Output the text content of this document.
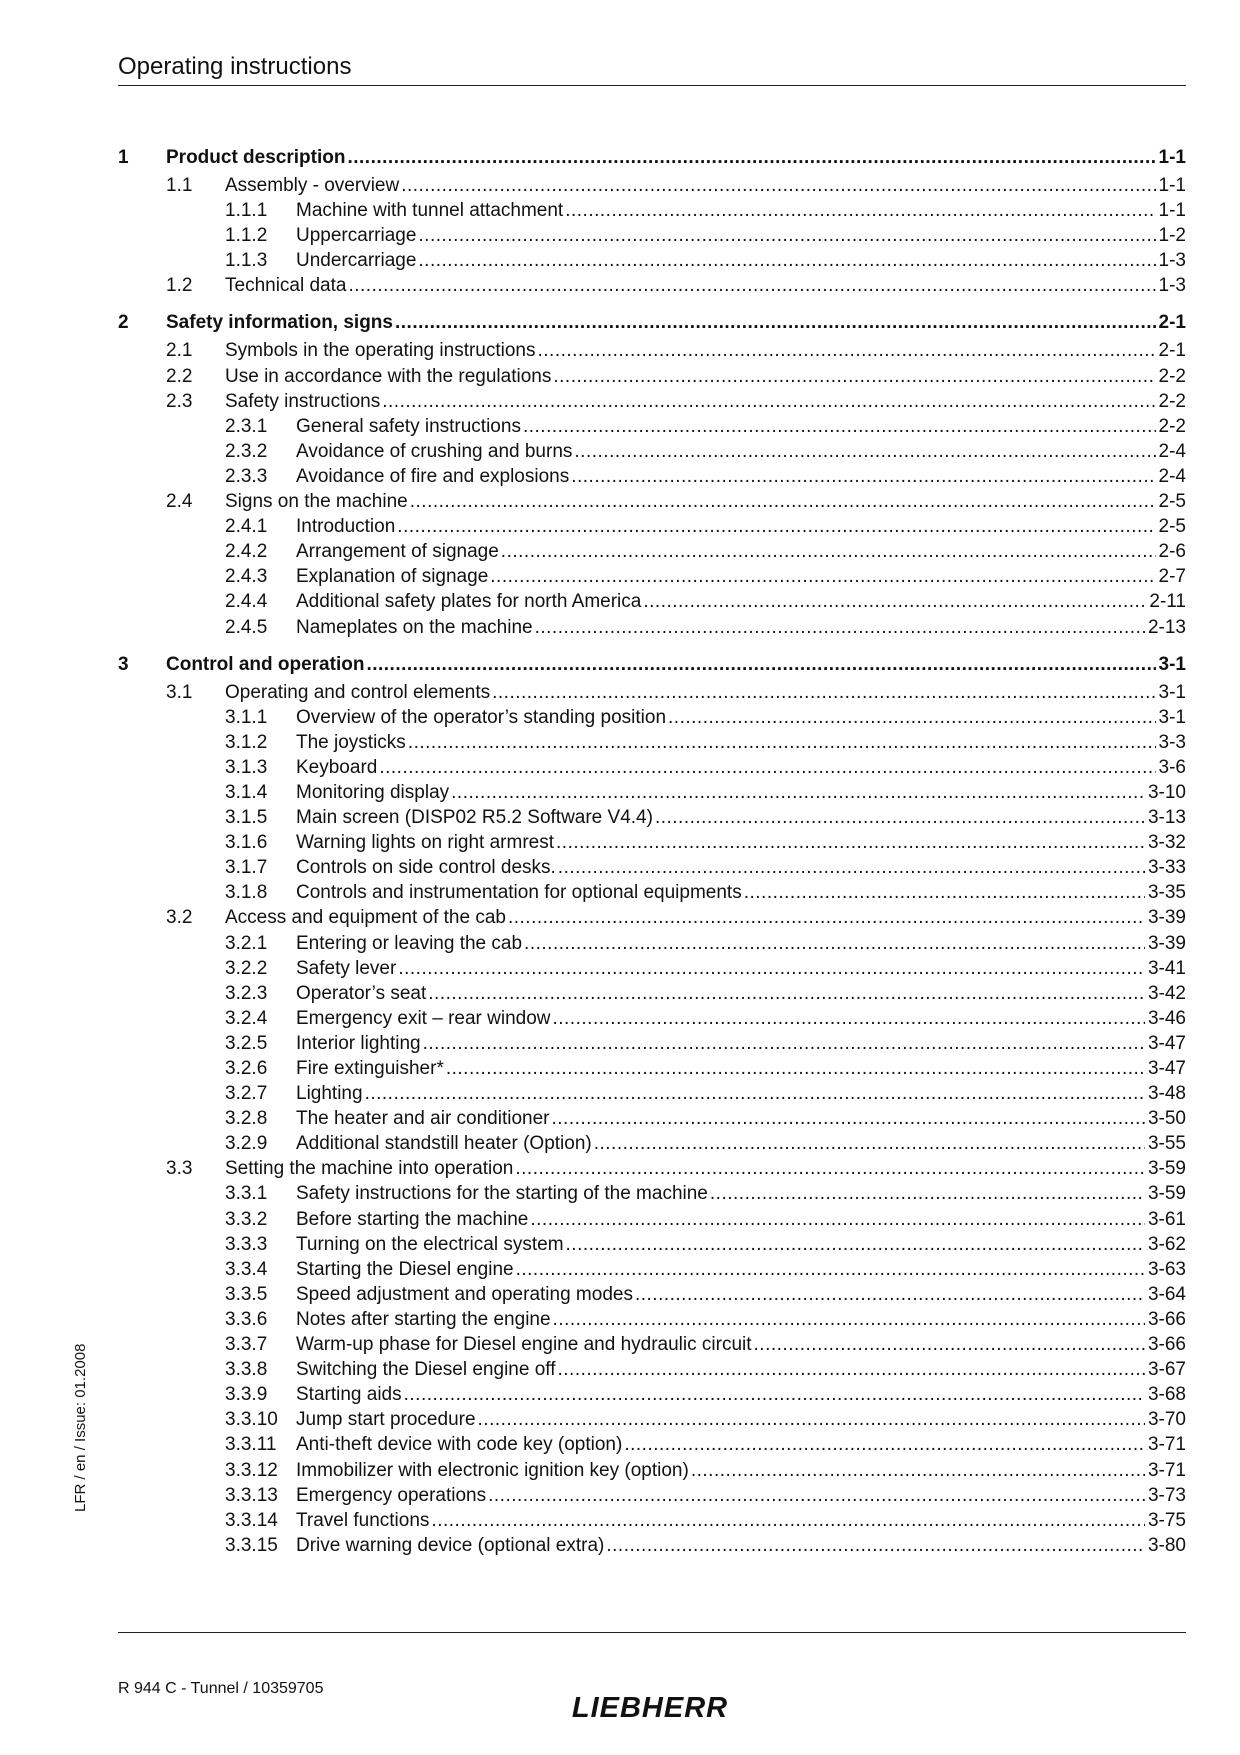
Operating instructions
1 Product description .....	1-1
1.1 Assembly - overview .....	1-1
1.1.1 Machine with tunnel attachment .....	1-1
1.1.2 Uppercarriage .....	1-2
1.1.3 Undercarriage .....	1-3
1.2 Technical data .....	1-3
2 Safety information, signs .....	2-1
2.1 Symbols in the operating instructions .....	2-1
2.2 Use in accordance with the regulations .....	2-2
2.3 Safety instructions .....	2-2
2.3.1 General safety instructions .....	2-2
2.3.2 Avoidance of crushing and burns .....	2-4
2.3.3 Avoidance of fire and explosions .....	2-4
2.4 Signs on the machine .....	2-5
2.4.1 Introduction .....	2-5
2.4.2 Arrangement of signage .....	2-6
2.4.3 Explanation of signage .....	2-7
2.4.4 Additional safety plates for north America .....	2-11
2.4.5 Nameplates on the machine .....	2-13
3 Control and operation .....	3-1
3.1 Operating and control elements .....	3-1
3.1.1 Overview of the operator’s standing position .....	3-1
3.1.2 The joysticks .....	3-3
3.1.3 Keyboard .....	3-6
3.1.4 Monitoring display .....	3-10
3.1.5 Main screen (DISP02 R5.2 Software V4.4) .....	3-13
3.1.6 Warning lights on right armrest .....	3-32
3.1.7 Controls on side control desks. .....	3-33
3.1.8 Controls and instrumentation for optional equipments .....	3-35
3.2 Access and equipment of the cab .....	3-39
3.2.1 Entering or leaving the cab .....	3-39
3.2.2 Safety lever .....	3-41
3.2.3 Operator’s seat .....	3-42
3.2.4 Emergency exit – rear window .....	3-46
3.2.5 Interior lighting .....	3-47
3.2.6 Fire extinguisher* .....	3-47
3.2.7 Lighting .....	3-48
3.2.8 The heater and air conditioner .....	3-50
3.2.9 Additional standstill heater (Option) .....	3-55
3.3 Setting the machine into operation .....	3-59
3.3.1 Safety instructions for the starting of the machine .....	3-59
3.3.2 Before starting the machine .....	3-61
3.3.3 Turning on the electrical system .....	3-62
3.3.4 Starting the Diesel engine .....	3-63
3.3.5 Speed adjustment and operating modes .....	3-64
3.3.6 Notes after starting the engine .....	3-66
3.3.7 Warm-up phase for Diesel engine and hydraulic circuit .....	3-66
3.3.8 Switching the Diesel engine off .....	3-67
3.3.9 Starting aids .....	3-68
3.3.10 Jump start procedure .....	3-70
3.3.11 Anti-theft device with code key (option) .....	3-71
3.3.12 Immobilizer with electronic ignition key (option) .....	3-71
3.3.13 Emergency operations .....	3-73
3.3.14 Travel functions .....	3-75
3.3.15 Drive warning device (optional extra) .....	3-80
LFR / en / Issue: 01.2008
R 944 C - Tunnel / 10359705
LIEBHERR
